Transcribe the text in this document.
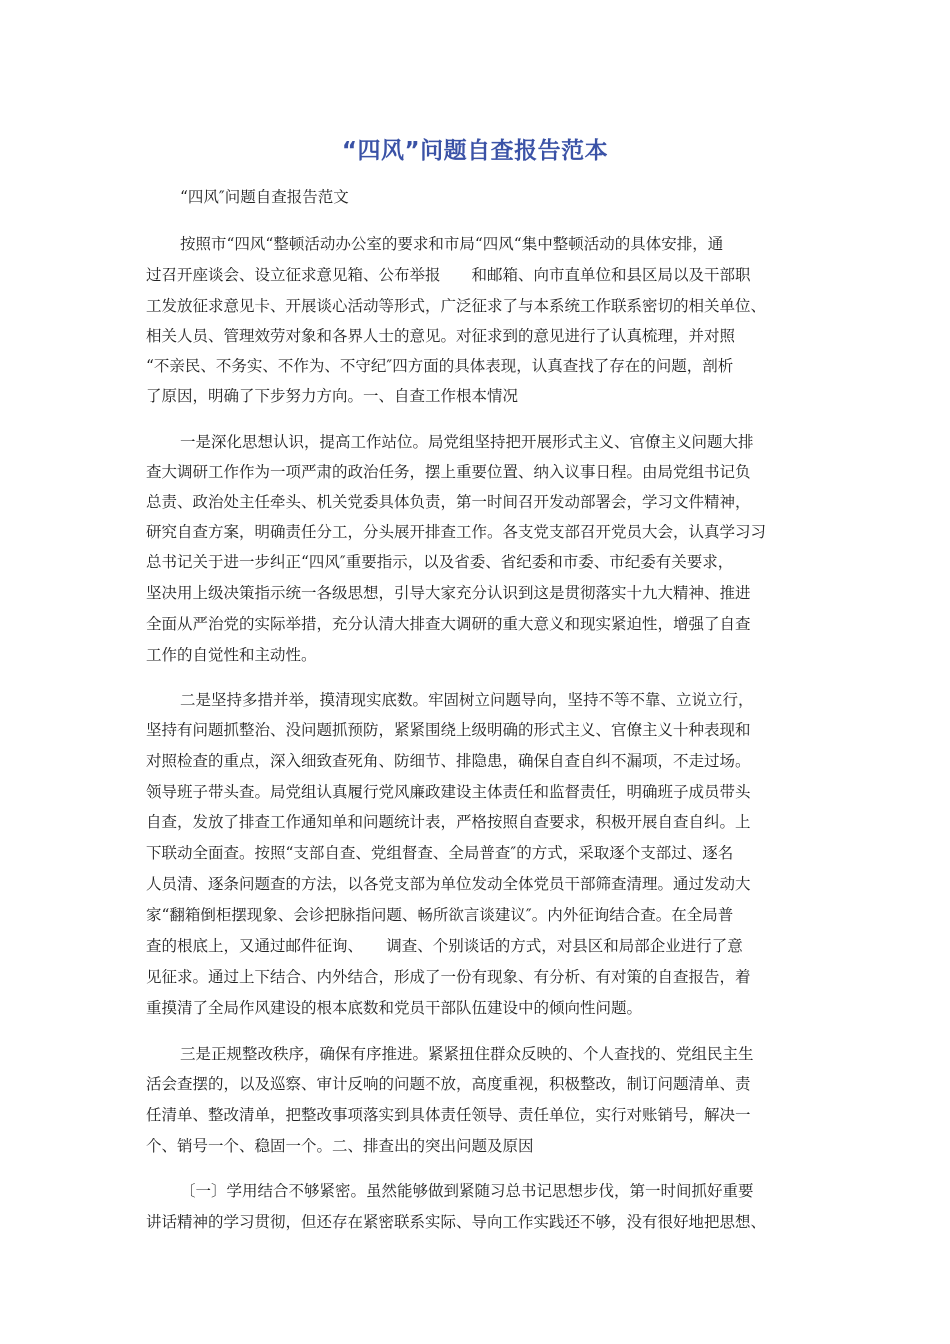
“四风”问题自查报告范本
“四风″问题自查报告范文
按照市“四风“整顿活动办公室的要求和市局“四风“集中整顿活动的具体安排，通
过召开座谈会、设立征求意见箱、公布举报　　和邮箱、向市直单位和县区局以及干部职
工发放征求意见卡、开展谈心活动等形式，广泛征求了与本系统工作联系密切的相关单位、
相关人员、管理效劳对象和各界人士的意见。对征求到的意见进行了认真梳理，并对照
“不亲民、不务实、不作为、不守纪″四方面的具体表现，认真查找了存在的问题，剖析
了原因，明确了下步努力方向。一、自查工作根本情况
一是深化思想认识，提高工作站位。局党组坚持把开展形式主义、官僚主义问题大排
查大调研工作作为一项严肃的政治任务，摆上重要位置、纳入议事日程。由局党组书记负
总责、政治处主任牵头、机关党委具体负责，第一时间召开发动部署会，学习文件精神，
研究自查方案，明确责任分工，分头展开排查工作。各支党支部召开党员大会，认真学习习
总书记关于进一步纠正“四风″重要指示，以及省委、省纪委和市委、市纪委有关要求，
坚决用上级决策指示统一各级思想，引导大家充分认识到这是贯彻落实十九大精神、推进
全面从严治党的实际举措，充分认清大排查大调研的重大意义和现实紧迫性，增强了自查
工作的自觉性和主动性。
二是坚持多措并举，摸清现实底数。牢固树立问题导向，坚持不等不靠、立说立行，
坚持有问题抓整治、没问题抓预防，紧紧围绕上级明确的形式主义、官僚主义十种表现和
对照检查的重点，深入细致查死角、防细节、排隐患，确保自查自纠不漏项，不走过场。
领导班子带头查。局党组认真履行党风廉政建设主体责任和监督责任，明确班子成员带头
自查，发放了排查工作通知单和问题统计表，严格按照自查要求，积极开展自查自纠。上
下联动全面查。按照“支部自查、党组督查、全局普查″的方式，采取逐个支部过、逐名
人员清、逐条问题查的方法，以各党支部为单位发动全体党员干部筛查清理。通过发动大
家“翻箱倒柜摆现象、会诊把脉指问题、畅所欲言谈建议″。内外征询结合查。在全局普
查的根底上，又通过邮件征询、　　调查、个别谈话的方式，对县区和局部企业进行了意
见征求。通过上下结合、内外结合，形成了一份有现象、有分析、有对策的自查报告，着
重摸清了全局作风建设的根本底数和党员干部队伍建设中的倾向性问题。
三是正规整改秩序，确保有序推进。紧紧扭住群众反映的、个人查找的、党组民主生
活会查摆的，以及巡察、审计反响的问题不放，高度重视，积极整改，制订问题清单、责
任清单、整改清单，把整改事项落实到具体责任领导、责任单位，实行对账销号，解决一
个、销号一个、稳固一个。二、排查出的突出问题及原因
〔一〕学用结合不够紧密。虽然能够做到紧随习总书记思想步伐，第一时间抓好重要
讲话精神的学习贯彻，但还存在紧密联系实际、导向工作实践还不够，没有很好地把思想、
